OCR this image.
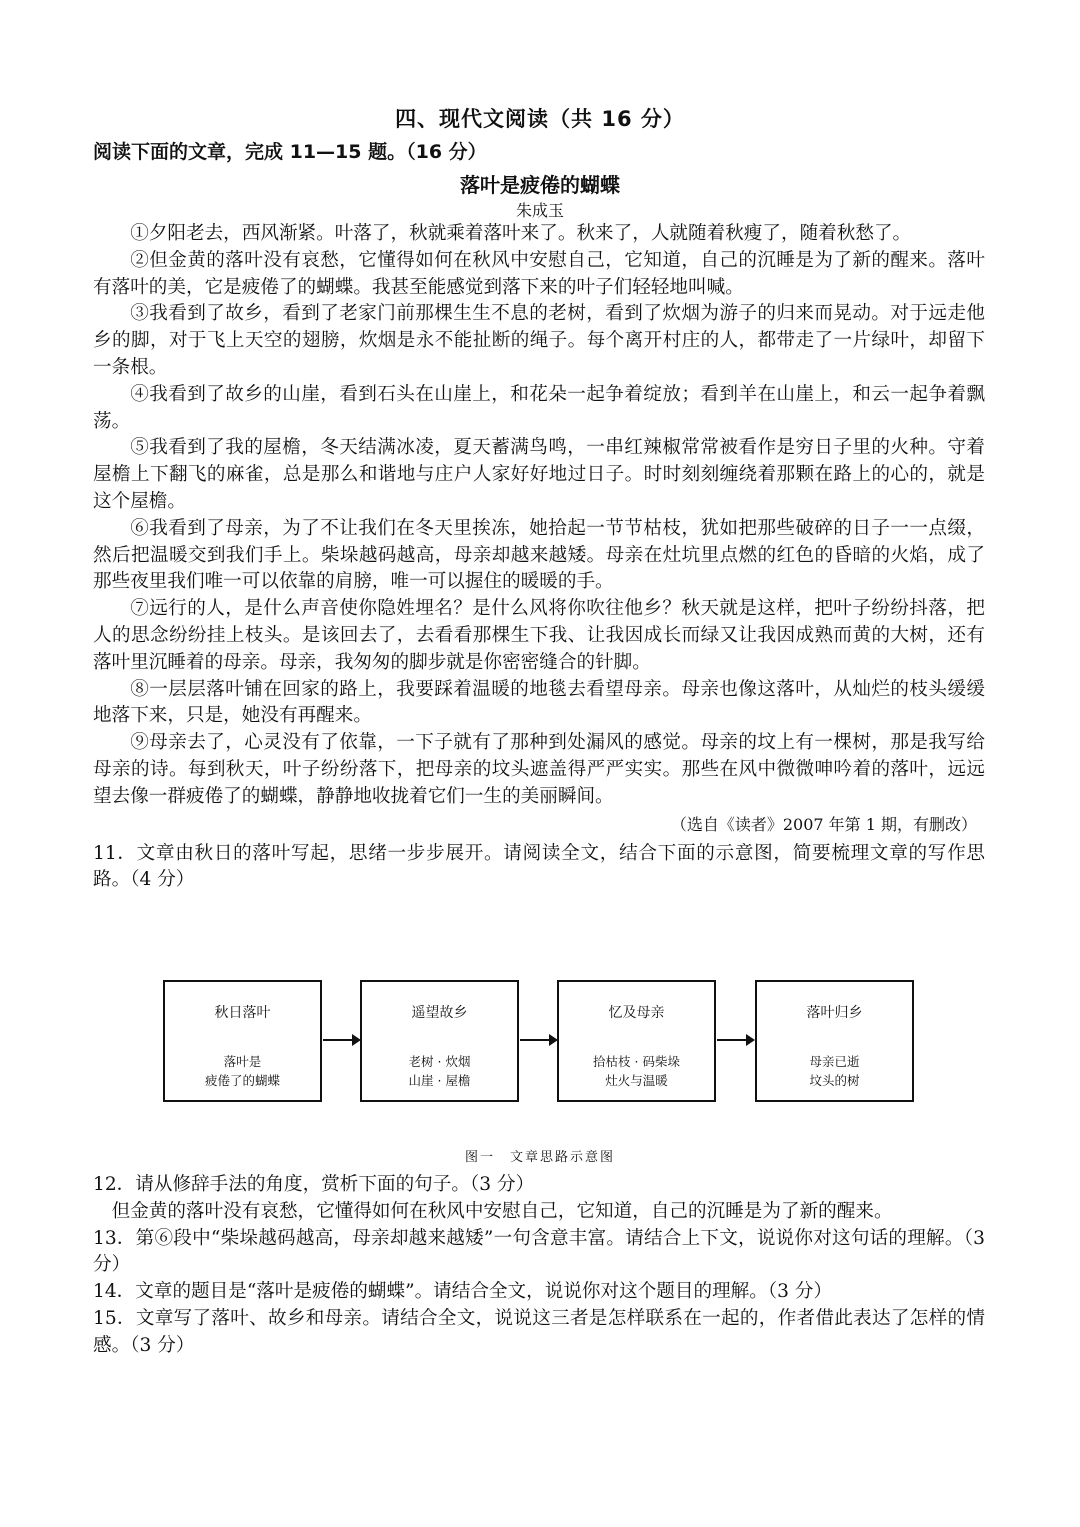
四、现代文阅读（共 16 分）
阅读下面的文章，完成 11—15 题。（16 分）
落叶是疲倦的蝴蝶
朱成玉

①夕阳老去，西风渐紧。叶落了，秋就乘着落叶来了。秋来了，人就随着秋瘦了，随着秋愁了。

②但金黄的落叶没有哀愁，它懂得如何在秋风中安慰自己，它知道，自己的沉睡是为了新的醒来。落叶有落叶的美，它是疲倦了的蝴蝶。我甚至能感觉到落下来的叶子们轻轻地叫喊。

③我看到了故乡，看到了老家门前那棵生生不息的老树，看到了炊烟为游子的归来而晃动。对于远走他乡的脚，对于飞上天空的翅膀，炊烟是永不能扯断的绳子。每个离开村庄的人，都带走了一片绿叶，却留下一条根。

④我看到了故乡的山崖，看到石头在山崖上，和花朵一起争着绽放；看到羊在山崖上，和云一起争着飘荡。

⑤我看到了我的屋檐，冬天结满冰凌，夏天蓄满鸟鸣，一串红辣椒常常被看作是穷日子里的火种。守着屋檐上下翻飞的麻雀，总是那么和谐地与庄户人家好好地过日子。时时刻刻缠绕着那颗在路上的心的，就是这个屋檐。

⑥我看到了母亲，为了不让我们在冬天里挨冻，她拾起一节节枯枝，犹如把那些破碎的日子一一点缀，然后把温暖交到我们手上。柴垛越码越高，母亲却越来越矮。母亲在灶坑里点燃的红色的昏暗的火焰，成了那些夜里我们唯一可以依靠的肩膀，唯一可以握住的暖暖的手。

⑦远行的人，是什么声音使你隐姓埋名？是什么风将你吹往他乡？秋天就是这样，把叶子纷纷抖落，把人的思念纷纷挂上枝头。是该回去了，去看看那棵生下我、让我因成长而绿又让我因成熟而黄的大树，还有落叶里沉睡着的母亲。母亲，我匆匆的脚步就是你密密缝合的针脚。

⑧一层层落叶铺在回家的路上，我要踩着温暖的地毯去看望母亲。母亲也像这落叶，从灿烂的枝头缓缓地落下来，只是，她没有再醒来。

⑨母亲去了，心灵没有了依靠，一下子就有了那种到处漏风的感觉。母亲的坟上有一棵树，那是我写给母亲的诗。每到秋天，叶子纷纷落下，把母亲的坟头遮盖得严严实实。那些在风中微微呻吟着的落叶，远远望去像一群疲倦了的蝴蝶，静静地收拢着它们一生的美丽瞬间。

（选自《读者》2007 年第 1 期，有删改）

11．文章由秋日的落叶写起，思绪一步步展开。请阅读全文，结合下面的示意图，简要梳理文章的写作思路。（4 分）

秋日落叶
落叶是
疲倦了的蝴蝶
遥望故乡
老树 · 炊烟
山崖 · 屋檐
忆及母亲
拾枯枝 · 码柴垛
灶火与温暖
落叶归乡
母亲已逝
坟头的树
图一　文章思路示意图

12．请从修辞手法的角度，赏析下面的句子。（3 分）

但金黄的落叶没有哀愁，它懂得如何在秋风中安慰自己，它知道，自己的沉睡是为了新的醒来。

13．第⑥段中“柴垛越码越高，母亲却越来越矮”一句含意丰富。请结合上下文，说说你对这句话的理解。（3 分）

14．文章的题目是“落叶是疲倦的蝴蝶”。请结合全文，说说你对这个题目的理解。（3 分）

15．文章写了落叶、故乡和母亲。请结合全文，说说这三者是怎样联系在一起的，作者借此表达了怎样的情感。（3 分）
